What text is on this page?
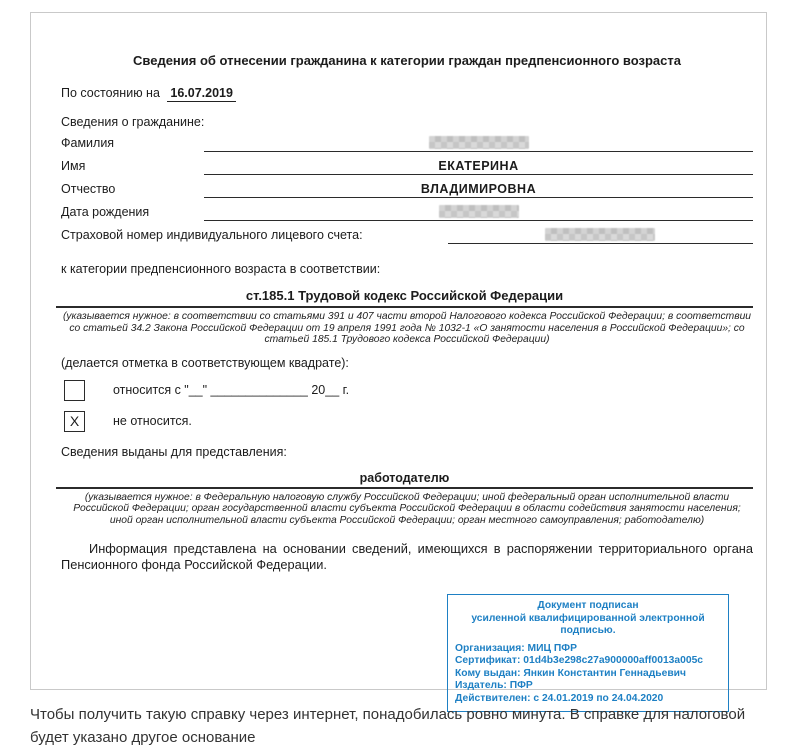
Сведения об отнесении гражданина к категории граждан предпенсионного возраста
По состоянию на 16.07.2019
Сведения о гражданине:
Фамилия
Имя	ЕКАТЕРИНА
Отчество	ВЛАДИМИРОВНА
Дата рождения
Страховой номер индивидуального лицевого счета:
к категории предпенсионного возраста в соответствии:
ст.185.1 Трудовой кодекс Российской Федерации
(указывается нужное: в соответствии со статьями 391 и 407 части второй Налогового кодекса Российской Федерации; в соответствии со статьей 34.2 Закона Российской Федерации от 19 апреля 1991 года № 1032-1 «О занятости населения в Российской Федерации»; со статьей 185.1 Трудового кодекса Российской Федерации)
(делается отметка в соответствующем квадрате):
относится с "__" ______________ 20__ г.
X	не относится.
Сведения выданы для представления:
работодателю
(указывается нужное: в Федеральную налоговую службу Российской Федерации; иной федеральный орган исполнительной власти Российской Федерации; орган государственной власти субъекта Российской Федерации в области содействия занятости населения; иной орган исполнительной власти субъекта Российской Федерации; орган местного самоуправления; работодателю)
Информация представлена на основании сведений, имеющихся в распоряжении территориального органа Пенсионного фонда Российской Федерации.
Документ подписан
усиленной квалифицированной электронной
подписью.
Организация: МИЦ ПФР
Сертификат: 01d4b3e298c27a900000aff0013a005c
Кому выдан: Янкин Константин Геннадьевич
Издатель: ПФР
Действителен: с 24.01.2019 по 24.04.2020
Чтобы получить такую справку через интернет, понадобилась ровно минута. В справке для налоговой будет указано другое основание
